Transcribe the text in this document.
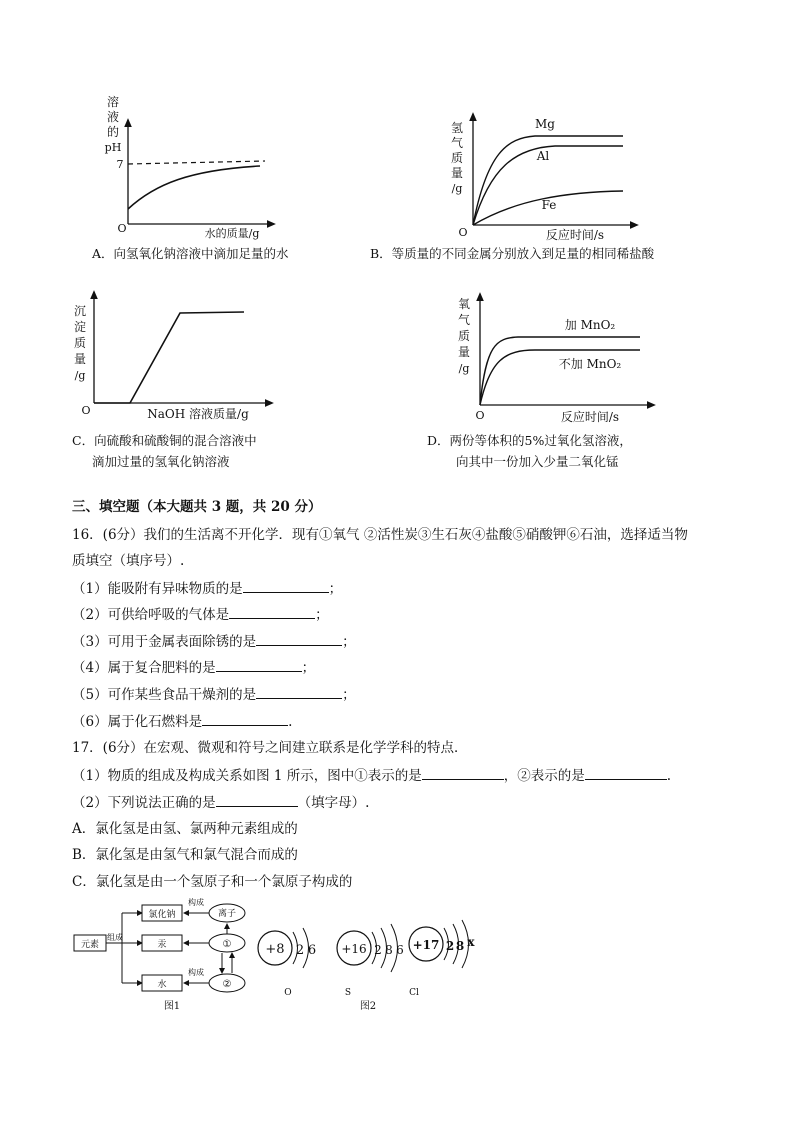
溶
液
的
pH
7
O	水的质量/g
A．向氢氧化钠溶液中滴加足量的水
氢
气
质
量
/g
Mg
Al
Fe
O	反应时间/s
B．等质量的不同金属分别放入到足量的相同稀盐酸
沉
淀
质
量
/g
O	NaOH 溶液质量/g
C．向硫酸和硫酸铜的混合溶液中
滴加过量的氢氧化钠溶液
氧
气
质
量
/g
加 MnO₂
不加 MnO₂
O	反应时间/s
D．两份等体积的5%过氧化氢溶液，
向其中一份加入少量二氧化锰
三、填空题（本大题共 3 题，共 20 分）
16．(6分）我们的生活离不开化学．现有①氧气 ②活性炭③生石灰④盐酸⑤硝酸钾⑥石油，选择适当物
质填空（填序号）.
（1）能吸附有异味物质的是	；
（2）可供给呼吸的气体是	；
（3）可用于金属表面除锈的是	；
（4）属于复合肥料的是	；
（5）可作某些食品干燥剂的是	；
（6）属于化石燃料是	.
17．(6分）在宏观、微观和符号之间建立联系是化学学科的特点．
（1）物质的组成及构成关系如图 1 所示，图中①表示的是	，②表示的是	.
（2）下列说法正确的是	（填字母）.
A．氯化氢是由氢、氯两种元素组成的
B．氯化氢是由氢气和氯气混合而成的
C．氯化氢是由一个氢原子和一个氯原子构成的
元素
组成
氯化钠
汞
水
离子
①
②
构成
构成
图1
+8 2 6
O
+16 2 8 6
S
+17 2 8 x
Cl
图2
